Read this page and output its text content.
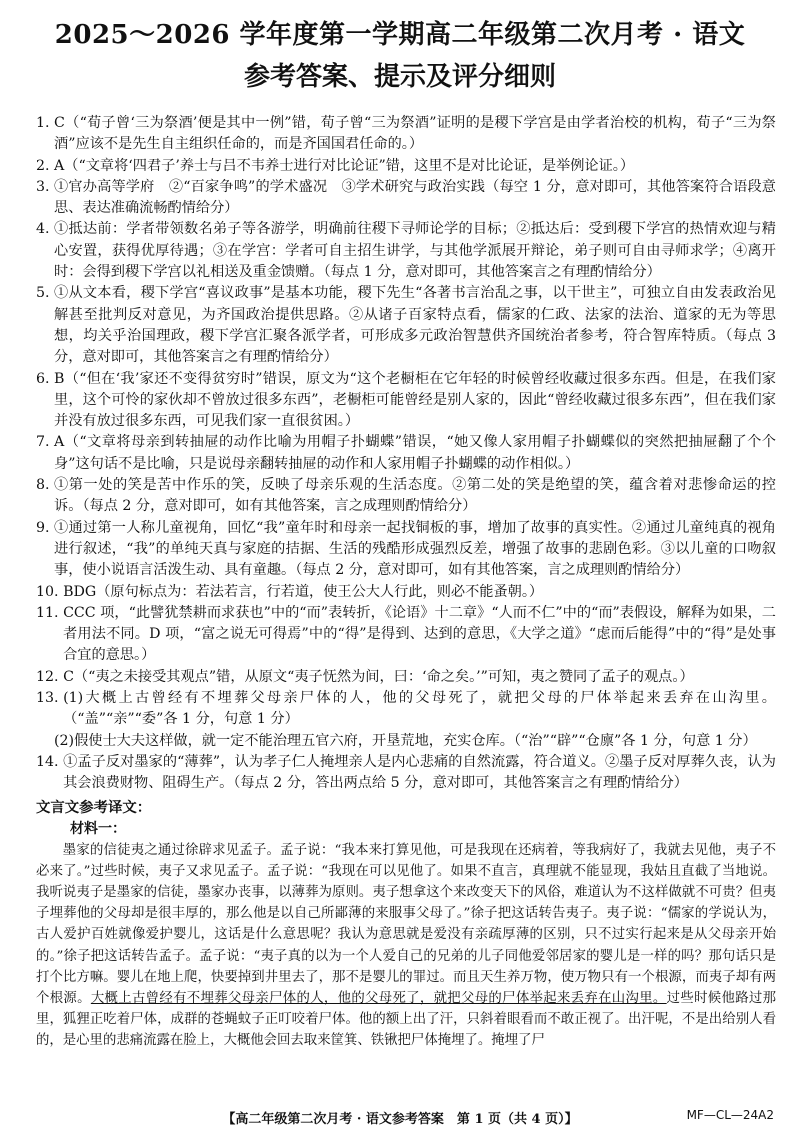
2025～2026 学年度第一学期高二年级第二次月考 · 语文
参考答案、提示及评分细则
1. C（“荀子曾‘三为祭酒’便是其中一例”错，荀子曾“三为祭酒”证明的是稷下学宫是由学者治校的机构，荀子“三为祭酒”应该不是先生自主组织任命的，而是齐国国君任命的。）
2. A（“文章将‘四君子’养士与吕不韦养士进行对比论证”错，这里不是对比论证，是举例论证。）
3. ①官办高等学府　②“百家争鸣”的学术盛况　③学术研究与政治实践（每空 1 分，意对即可，其他答案符合语段意思、表达准确流畅酌情给分）
4. ①抵达前：学者带领数名弟子等各游学，明确前往稷下寻师论学的目标；②抵达后：受到稷下学宫的热情欢迎与精心安置，获得优厚待遇；③在学宫：学者可自主招生讲学，与其他学派展开辩论，弟子则可自由寻师求学；④离开时：会得到稷下学宫以礼相送及重金馈赠。（每点 1 分，意对即可，其他答案言之有理酌情给分）
5. ①从文本看，稷下学宫“喜议政事”是基本功能，稷下先生“各著书言治乱之事，以干世主”，可独立自由发表政治见解甚至批判反对意见，为齐国政治提供思路。②从诸子百家特点看，儒家的仁政、法家的法治、道家的无为等思想，均关乎治国理政，稷下学宫汇聚各派学者，可形成多元政治智慧供齐国统治者参考，符合智库特质。（每点 3 分，意对即可，其他答案言之有理酌情给分）
6. B（“但在‘我’家还不变得贫穷时”错误，原文为“这个老橱柜在它年轻的时候曾经收藏过很多东西。但是，在我们家里，这个可怜的家伙却不曾放过很多东西”，老橱柜可能曾经是别人家的，因此“曾经收藏过很多东西”，但在我们家并没有放过很多东西，可见我们家一直很贫困。）
7. A（“文章将母亲到转抽屉的动作比喻为用帽子扑蝴蝶”错误，“她又像人家用帽子扑蝴蝶似的突然把抽屉翻了个个身”这句话不是比喻，只是说母亲翻转抽屉的动作和人家用帽子扑蝴蝶的动作相似。）
8. ①第一处的笑是苦中作乐的笑，反映了母亲乐观的生活态度。②第二处的笑是绝望的笑，蕴含着对悲惨命运的控诉。（每点 2 分，意对即可，如有其他答案，言之成理则酌情给分）
9. ①通过第一人称儿童视角，回忆“我”童年时和母亲一起找铜板的事，增加了故事的真实性。②通过儿童纯真的视角进行叙述，“我”的单纯天真与家庭的拮据、生活的残酷形成强烈反差，增强了故事的悲剧色彩。③以儿童的口吻叙事，使小说语言活泼生动、具有童趣。（每点 2 分，意对即可，如有其他答案，言之成理则酌情给分）
10. BDG（原句标点为：若法若言，行若道，使王公大人行此，则必不能蚤朝。）
11. CCC 项，“此譬犹禁耕而求获也”中的“而”表转折，《论语》十二章》“人而不仁”中的“而”表假设，解释为如果，二者用法不同。D 项，“富之说无可得焉”中的“得”是得到、达到的意思，《大学之道》“虑而后能得”中的“得”是处事合宜的意思。）
12. C（“夷之未接受其观点”错，从原文“夷子怃然为间，曰：‘命之矣。’”可知，夷之赞同了孟子的观点。）
13. (1)大概上古曾经有不埋葬父母亲尸体的人，他的父母死了，就把父母的尸体举起来丢弃在山沟里。（“盖”“亲”“委”各 1 分，句意 1 分）
(2)假使士大夫这样做，就一定不能治理五官六府，开垦荒地，充实仓库。（“治”“辟”“仓廪”各 1 分，句意 1 分）
14. ①孟子反对墨家的“薄葬”，认为孝子仁人掩埋亲人是内心悲痛的自然流露，符合道义。②墨子反对厚葬久丧，认为其会浪费财物、阻碍生产。（每点 2 分，答出两点给 5 分，意对即可，其他答案言之有理酌情给分）
文言文参考译文：
材料一：
墨家的信徒夷之通过徐辟求见孟子。孟子说：“我本来打算见他，可是我现在还病着，等我病好了，我就去见他，夷子不必来了。”过些时候，夷子又求见孟子。孟子说：“我现在可以见他了。如果不直言，真理就不能显现，我姑且直截了当地说。我听说夷子是墨家的信徒，墨家办丧事，以薄葬为原则。夷子想拿这个来改变天下的风俗，难道认为不这样做就不可贵？但夷子埋葬他的父母却是很丰厚的，那么他是以自己所鄙薄的来服事父母了。”徐子把这话转告夷子。夷子说：“儒家的学说认为，古人爱护百姓就像爱护婴儿，这话是什么意思呢？我认为意思就是爱没有亲疏厚薄的区别，只不过实行起来是从父母亲开始的。”徐子把这话转告孟子。孟子说：“夷子真的以为一个人爱自己的兄弟的儿子同他爱邻居家的婴儿是一样的吗？那句话只是打个比方嘛。婴儿在地上爬，快要掉到井里去了，那不是婴儿的罪过。而且天生养万物，使万物只有一个根源，而夷子却有两个根源。大概上古曾经有不埋葬父母亲尸体的人，他的父母死了，就把父母的尸体举起来丢弃在山沟里。过些时候他路过那里，狐狸正吃着尸体，成群的苍蝇蚊子正叮咬着尸体。他的额上出了汗，只斜着眼看而不敢正视了。出汗呢，不是出给别人看的，是心里的悲痛流露在脸上，大概他会回去取来筐箕、铁锹把尸体掩埋了。掩埋了尸
【高二年级第二次月考 · 语文参考答案　第 1 页（共 4 页）】	MF—CL—24A2
